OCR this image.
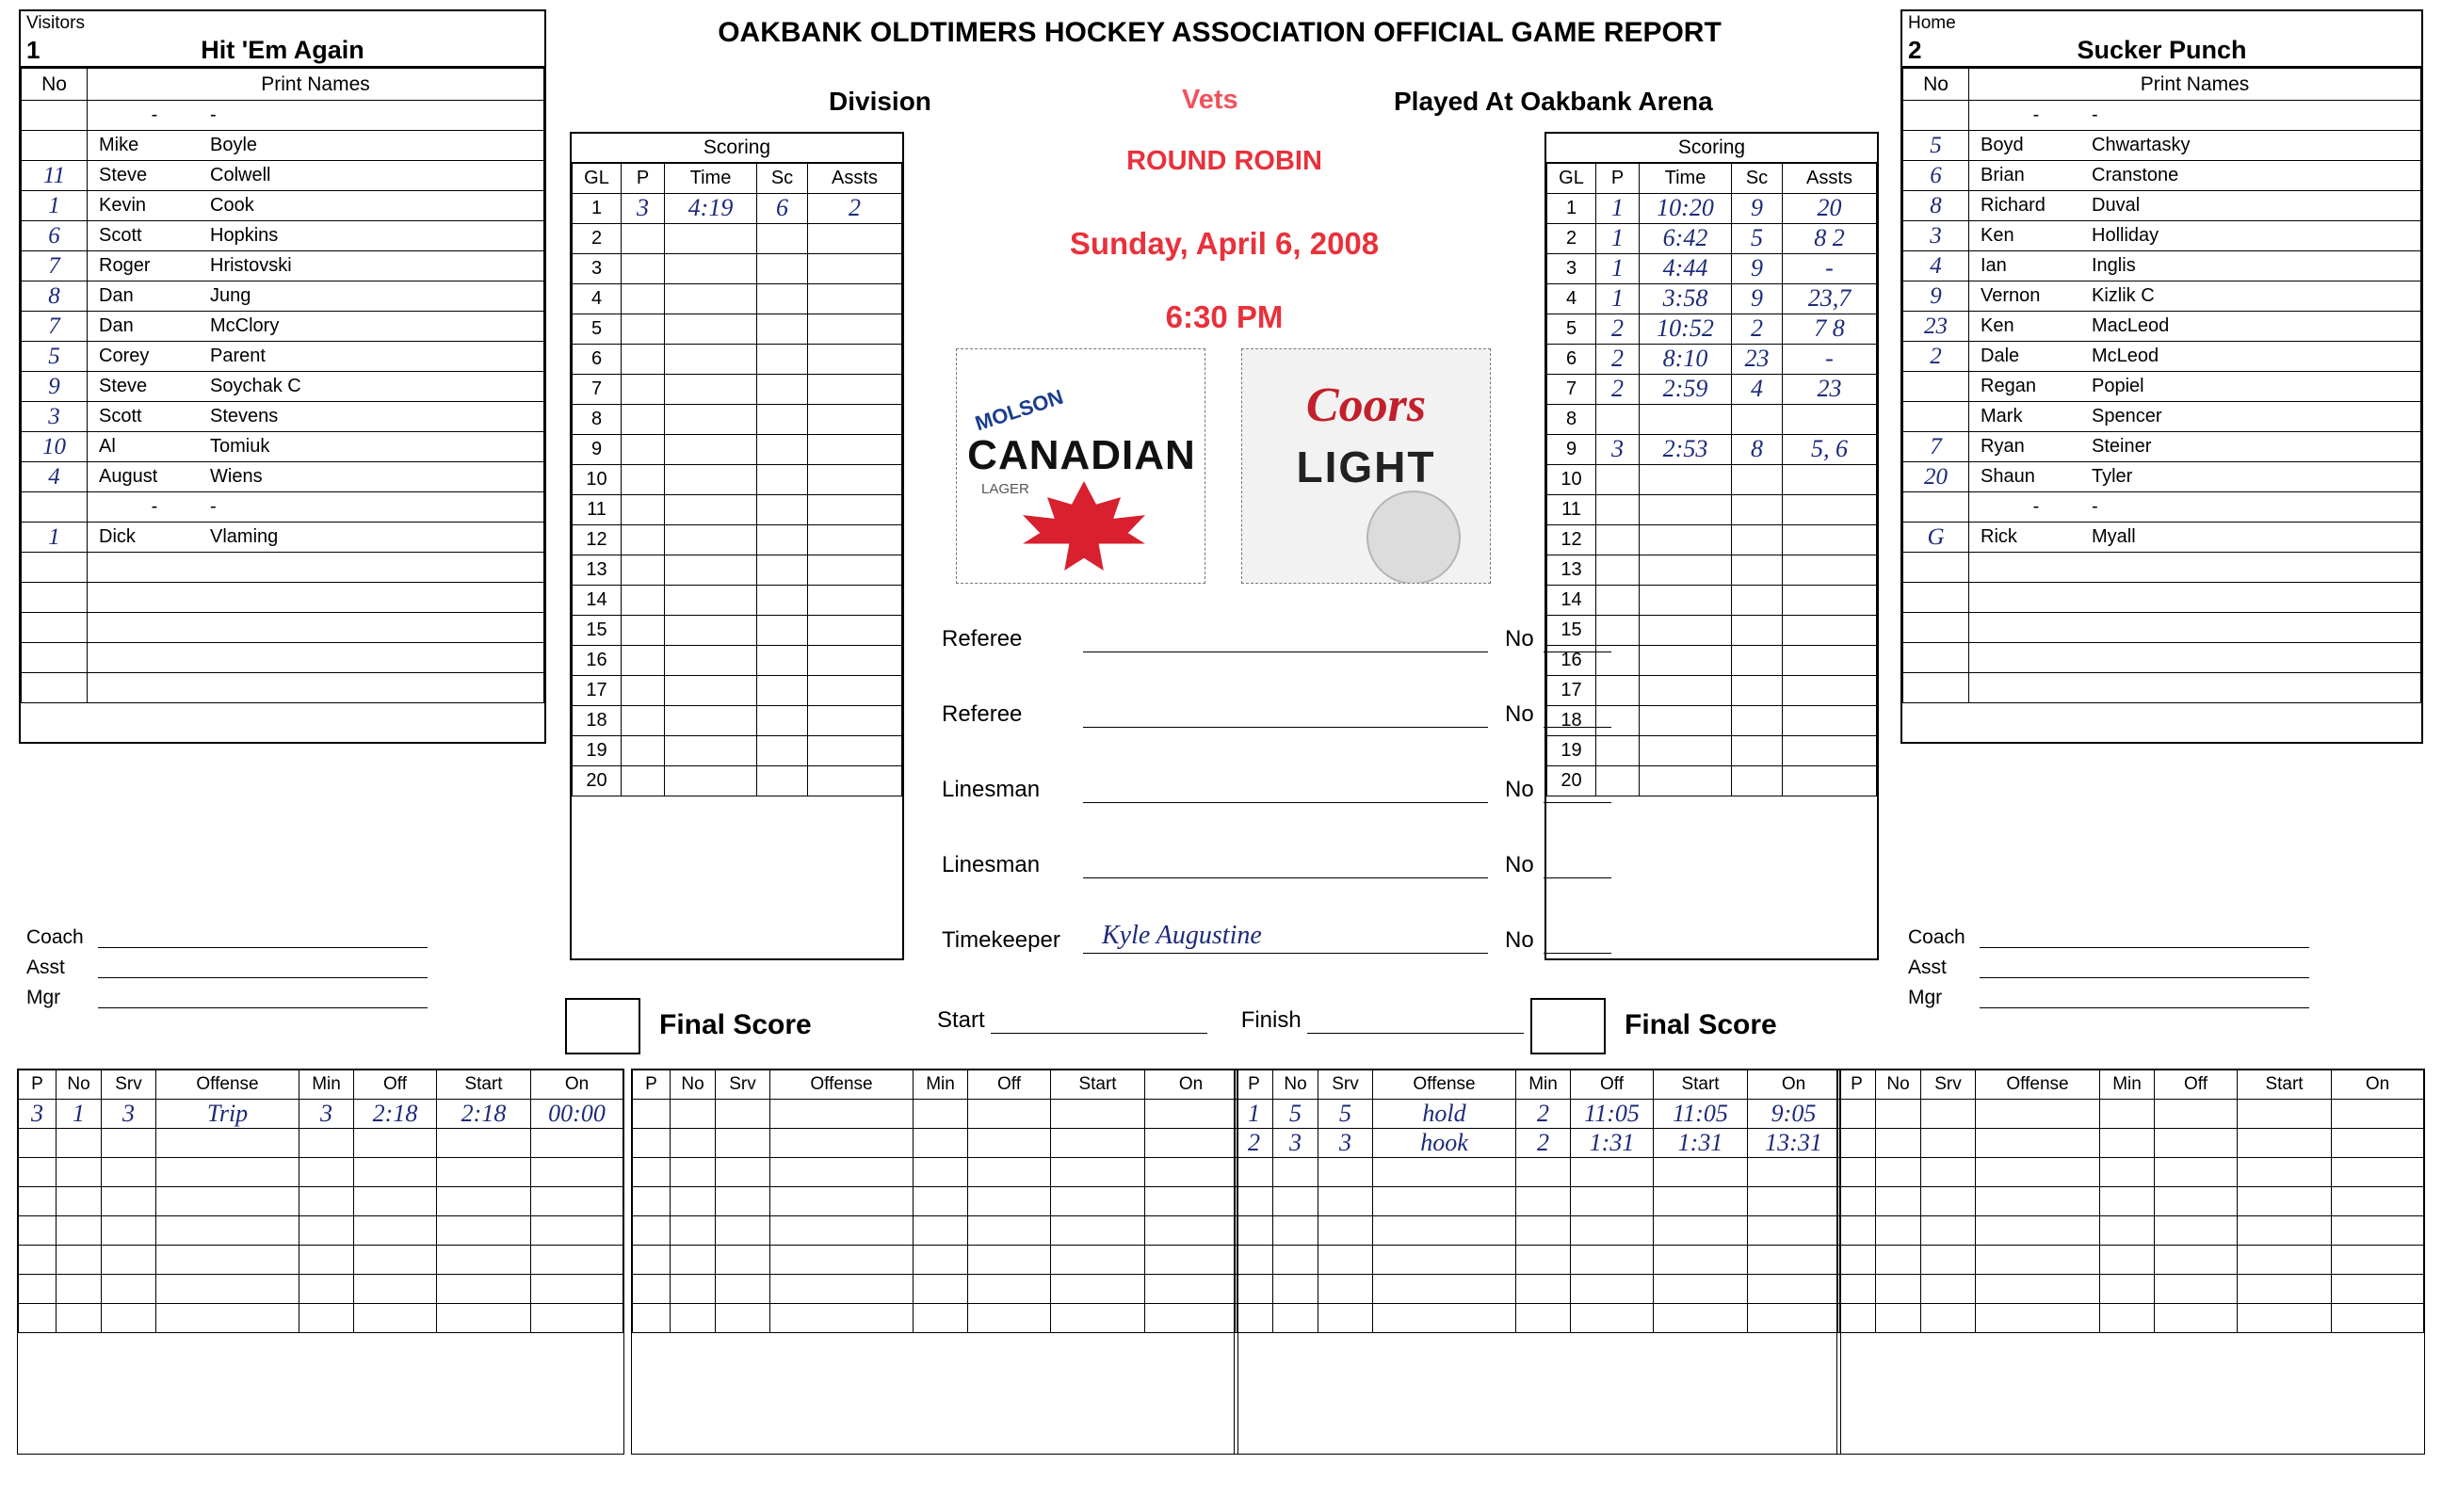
Visitors
1	Hit 'Em Again
No	Print Names

	- -

	Mike Boyle

11	Steve Colwell

1	Kevin Cook

6	Scott Hopkins

7	Roger Hristovski

8	Dan Jung

7	Dan McClory

5	Corey Parent

9	Steve Soychak C

3	Scott Stevens

10	Al Tomiuk

4	August Wiens

	- -

1	Dick Vlaming

Coach
Asst
Mgr
Scoring
GL	P	Time	Sc	Assts
1	3	4:19	6	2
2				
3				
4				
5				
6				
7				
8				
9				
10				
11				
12				
13				
14				
15				
16				
17				
18				
19				
20				
OAKBANK OLDTIMERS HOCKEY ASSOCIATION OFFICIAL GAME REPORT
Division	Vets	Played At Oakbank Arena
ROUND ROBIN
Sunday, April 6, 2008
6:30 PM
MOLSON
CANADIAN
LAGER
Coors
LIGHT
Referee	No
Referee	No
Linesman	No
Linesman	No
Timekeeper	Kyle Augustine	No
Final Score	Final Score
Start	Finish
Scoring
GL	P	Time	Sc	Assts
1	1	10:20	9	20
2	1	6:42	5	8 2
3	1	4:44	9	-
4	1	3:58	9	23,7
5	2	10:52	2	7 8
6	2	8:10	23	-
7	2	2:59	4	23
8				
9	3	2:53	8	5, 6
10				
11				
12				
13				
14				
15				
16				
17				
18				
19				
20				
Home
2	Sucker Punch
No	Print Names

	- -

5	Boyd Chwartasky

6	Brian Cranstone

8	Richard Duval

3	Ken Holliday

4	Ian Inglis

9	Vernon Kizlik C

23	Ken MacLeod

2	Dale McLeod

	Regan Popiel

	Mark Spencer

7	Ryan Steiner

20	Shaun Tyler

	- -

G	Rick Myall

Coach
Asst
Mgr
P	No	Srv	Offense	Min	Off	Start	On
3	1	3	Trip	3	2:18	2:18	00:00

P	No	Srv	Offense	Min	Off	Start	On

								P	No	Srv	Offense	Min	Off	Start	On
1	5	5	hold	2	11:05	11:05	9:05
2	3	3	hook	2	1:31	1:31	13:31

P	No	Srv	Offense	Min	Off	Start	On
